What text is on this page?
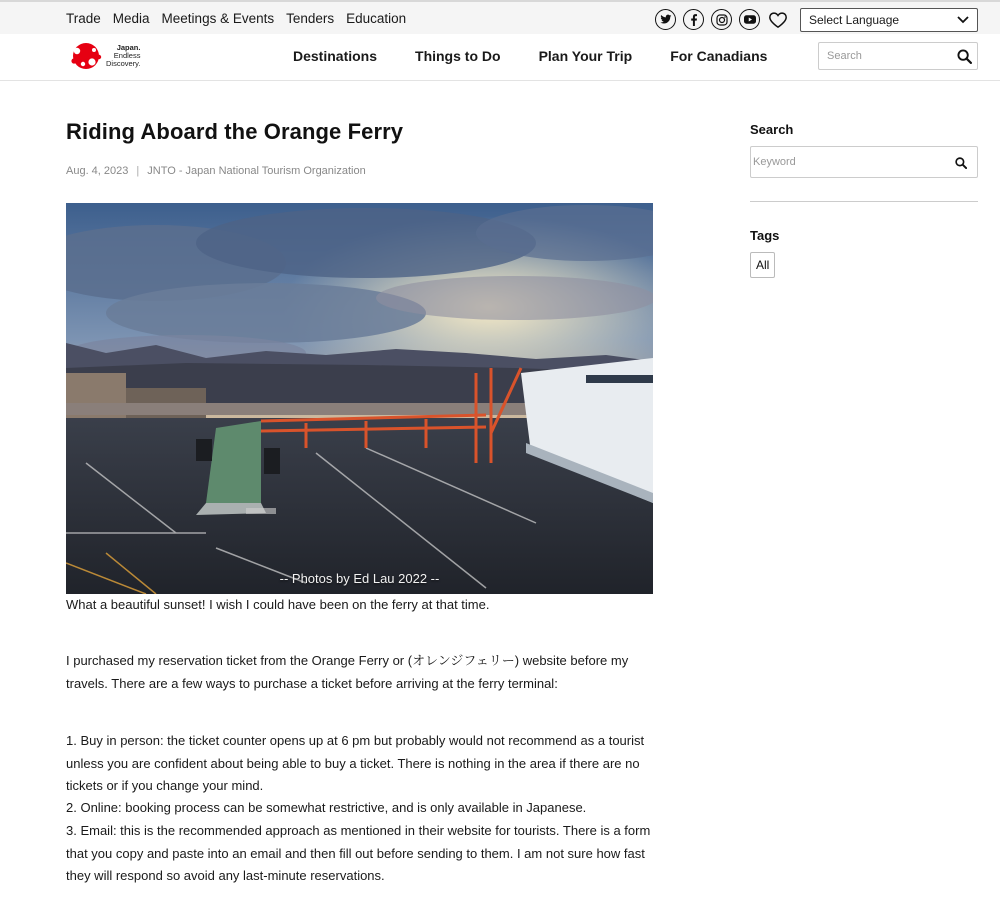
Trade Media Meetings & Events Tenders Education	Select Language
Japan.
Endless
Discovery.	Destinations	Things to Do	Plan Your Trip	For Canadians
Search
Riding Aboard the Orange Ferry
Aug. 4, 2023 | JNTO - Japan National Tourism Organization
-- Photos by Ed Lau 2022 --
What a beautiful sunset! I wish I could have been on the ferry at that time.

I purchased my reservation ticket from the Orange Ferry or (オレンジフェリー) website before my travels. There are a few ways to purchase a ticket before arriving at the ferry terminal:

1. Buy in person: the ticket counter opens up at 6 pm but probably would not recommend as a tourist unless you are confident about being able to buy a ticket. There is nothing in the area if there are no tickets or if you change your mind.

2. Online: booking process can be somewhat restrictive, and is only available in Japanese.

3. Email: this is the recommended approach as mentioned in their website for tourists. There is a form that you copy and paste into an email and then fill out before sending to them. I am not sure how fast they will respond so avoid any last-minute reservations.

Search
Keyword
Tags
All
